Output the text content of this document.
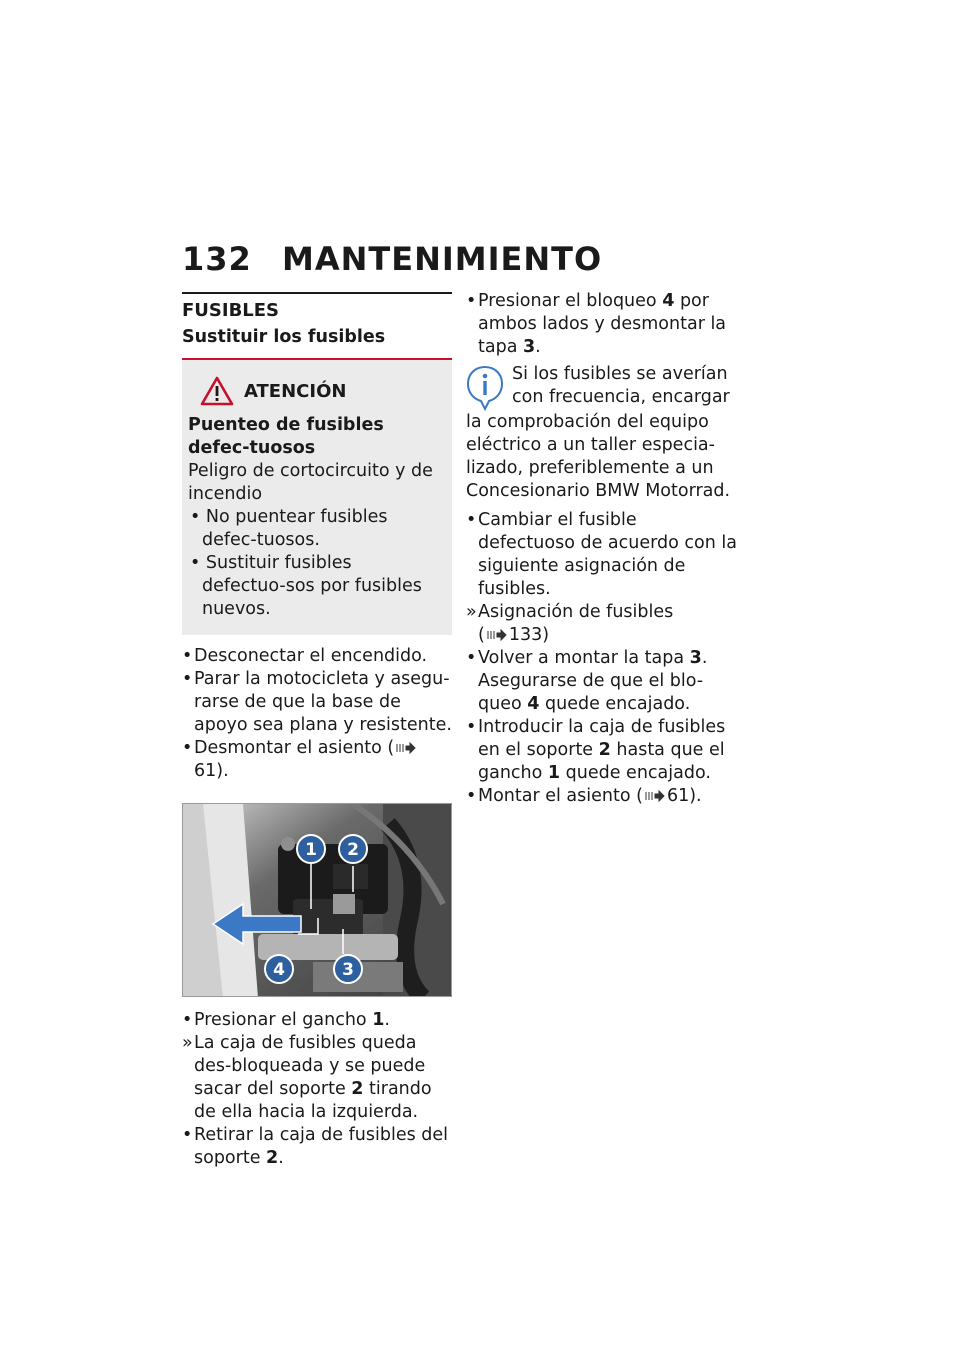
132 MANTENIMIENTO
FUSIBLES
Sustituir los fusibles
ATENCIÓN
Puenteo de fusibles defec-tuosos
Peligro de cortocircuito y de incendio
• No puentear fusibles defec-tuosos.
• Sustituir fusibles defectuo-sos por fusibles nuevos.
• Desconectar el encendido.
• Parar la motocicleta y asegu-rarse de que la base de apoyo sea plana y resistente.
• Desmontar el asiento (61).
1 2
3
4
• Presionar el gancho 1.
» La caja de fusibles queda des-bloqueada y se puede sacar del soporte 2 tirando de ella hacia la izquierda.
• Retirar la caja de fusibles del soporte 2.
• Presionar el bloqueo 4 por ambos lados y desmontar la tapa 3.
Si los fusibles se averían
con frecuencia, encargar
la comprobación del equipo eléctrico a un taller especia-lizado, preferiblemente a un Concesionario BMW Motorrad.
• Cambiar el fusible defectuoso de acuerdo con la siguiente asignación de fusibles.
» Asignación de fusibles
( 133)
• Volver a montar la tapa 3. Asegurarse de que el blo-queo 4 quede encajado.
• Introducir la caja de fusibles en el soporte 2 hasta que el gancho 1 quede encajado.
• Montar el asiento ( 61).
